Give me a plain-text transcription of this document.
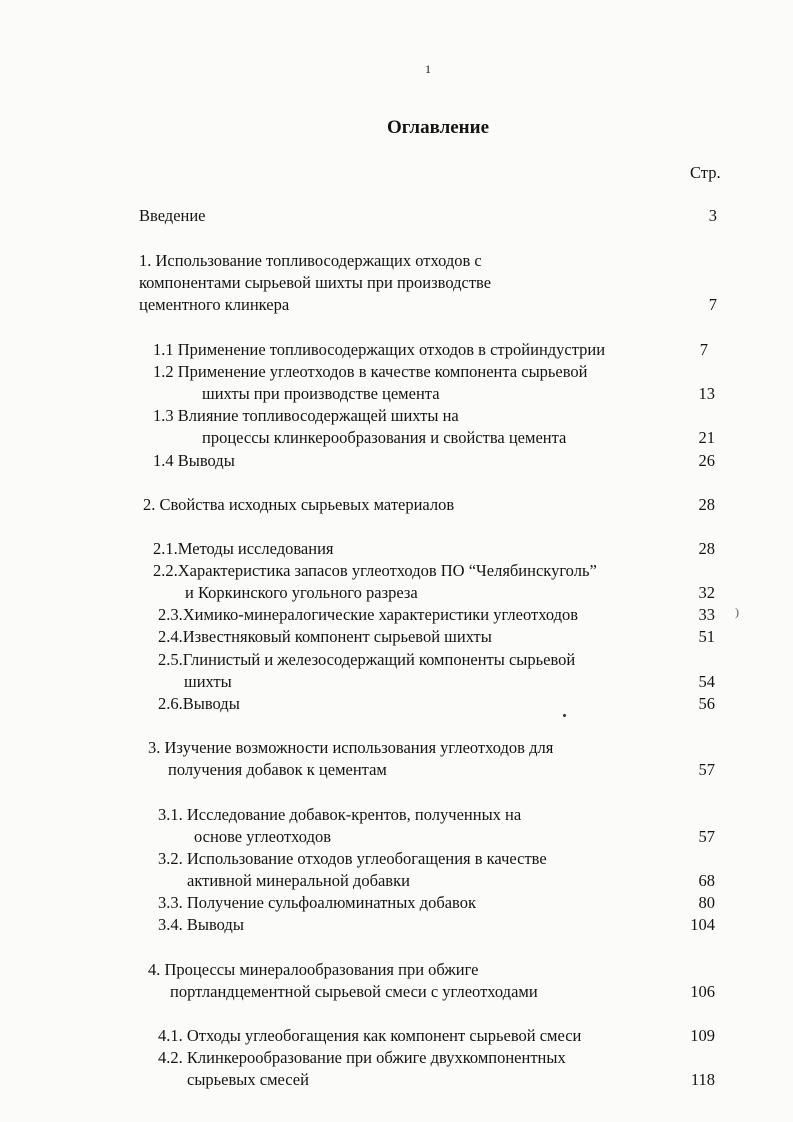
1
Оглавление
Стр.
Введение	3
1. Использование топливосодержащих отходов с
компонентами сырьевой шихты при производстве
цементного клинкера	7
1.1 Применение топливосодержащих отходов в стройиндустрии	7
1.2 Применение углеотходов в качестве компонента сырьевой
шихты при производстве цемента	13
1.3 Влияние топливосодержащей шихты на
процессы клинкерообразования и свойства цемента	21
1.4 Выводы	26
2. Свойства исходных сырьевых материалов	28
2.1.Методы исследования	28
2.2.Характеристика запасов углеотходов ПО “Челябинскуголь”
и Коркинского угольного разреза	32
2.3.Химико-минералогические характеристики углеотходов	33
2.4.Известняковый компонент сырьевой шихты	51
2.5.Глинистый и железосодержащий компоненты сырьевой
шихты	54
2.6.Выводы	56
3. Изучение возможности использования углеотходов для
получения добавок к цементам	57
3.1. Исследование добавок-крентов, полученных на
основе углеотходов	57
3.2. Использование отходов углеобогащения в качестве
активной минеральной добавки	68
3.3. Получение сульфоалюминатных добавок	80
3.4. Выводы	104
4. Процессы минералообразования при обжиге
портландцементной сырьевой смеси с углеотходами	106
4.1. Отходы углеобогащения как компонент сырьевой смеси	109
4.2. Клинкерообразование при обжиге двухкомпонентных
сырьевых смесей	118
)
